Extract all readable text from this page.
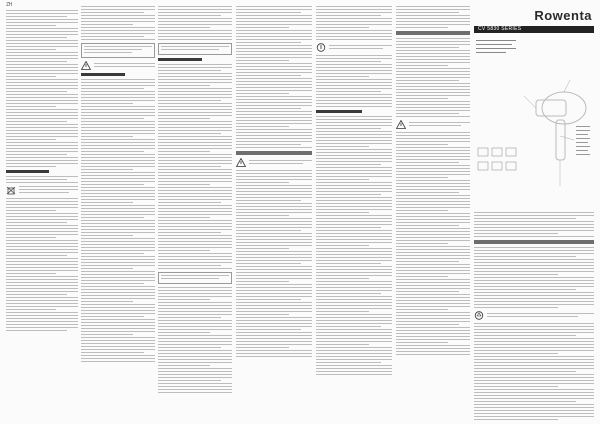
ZH
Rowenta
CV 5830 SERIES
